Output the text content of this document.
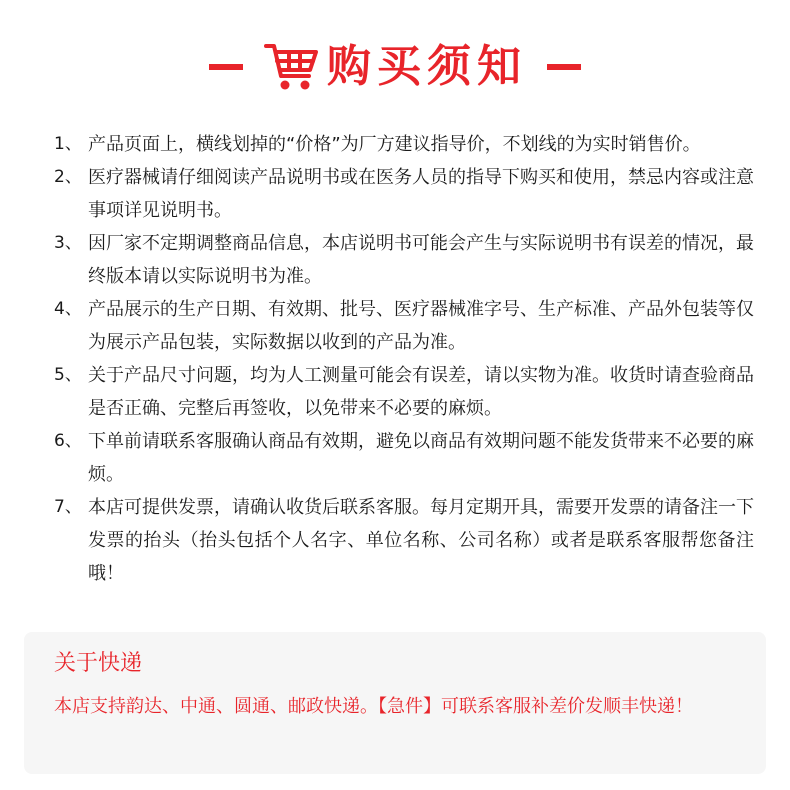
购买须知
1、 产品页面上，横线划掉的“价格”为厂方建议指导价，不划线的为实时销售价。
2、 医疗器械请仔细阅读产品说明书或在医务人员的指导下购买和使用，禁忌内容或注意事项详见说明书。
3、 因厂家不定期调整商品信息，本店说明书可能会产生与实际说明书有误差的情况，最终版本请以实际说明书为准。
4、 产品展示的生产日期、有效期、批号、医疗器械准字号、生产标准、产品外包装等仅为展示产品包装，实际数据以收到的产品为准。
5、 关于产品尺寸问题，均为人工测量可能会有误差，请以实物为准。收货时请查验商品是否正确、完整后再签收，以免带来不必要的麻烦。
6、 下单前请联系客服确认商品有效期，避免以商品有效期问题不能发货带来不必要的麻烦。
7、 本店可提供发票，请确认收货后联系客服。每月定期开具，需要开发票的请备注一下发票的抬头（抬头包括个人名字、单位名称、公司名称）或者是联系客服帮您备注哦！
关于快递
本店支持韵达、中通、圆通、邮政快递。【急件】可联系客服补差价发顺丰快递！
